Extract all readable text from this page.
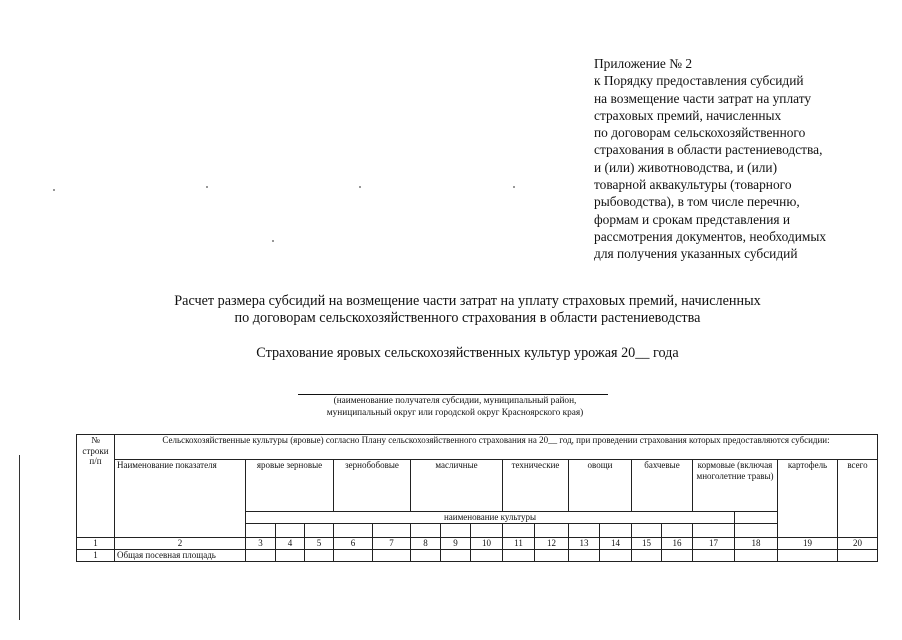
Приложение № 2
к Порядку предоставления субсидий
на возмещение части затрат на уплату
страховых премий, начисленных
по договорам сельскохозяйственного
страхования в области растениеводства,
и (или) животноводства, и (или)
товарной аквакультуры (товарного
рыбоводства), в том числе перечню,
формам и срокам представления и
рассмотрения документов, необходимых
для получения указанных субсидий
Расчет размера субсидий на возмещение части затрат на уплату страховых премий, начисленных
по договорам сельскохозяйственного страхования в области растениеводства
Страхование яровых сельскохозяйственных культур урожая 20__ года
(наименование получателя субсидии, муниципальный район,
муниципальный округ или городской округ Красноярского края)
№ строки п/п	Сельскохозяйственные культуры (яровые) согласно Плану сельскохозяйственного страхования на 20__ год, при проведении страхования которых предоставляются субсидии:																		
	Наименование показателя	яровые зерновые			зернобобовые		масличные			технические		овощи		бахчевые		кормовые (включая многолетние травы)		картофель	всего
		наименование культуры																	

1	2	3	4	5	6	7	8	9	10	11	12	13	14	15	16	17	18	19	20
1	Общая посевная площадь																		
